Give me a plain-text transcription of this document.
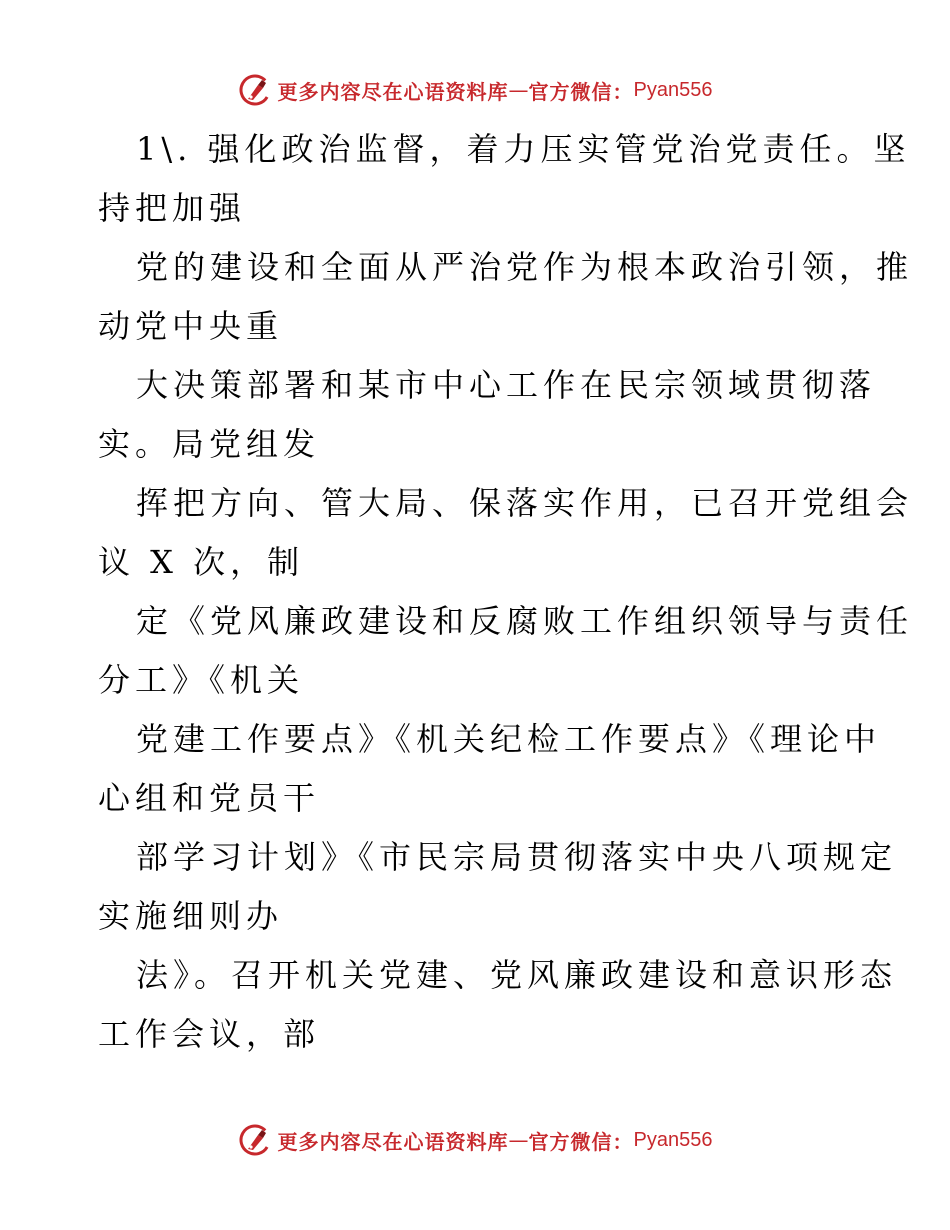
更多内容尽在心语资料库 — 官方微信： Pyan556
1\. 强化政治监督，着力压实管党治党责任。坚
持把加强
党的建设和全面从严治党作为根本政治引领，推
动党中央重
大决策部署和某市中心工作在民宗领域贯彻落
实。局党组发
挥把方向、管大局、保落实作用，已召开党组会
议 X 次，制
定《党风廉政建设和反腐败工作组织领导与责任
分工》《机关
党建工作要点》《机关纪检工作要点》《理论中
心组和党员干
部学习计划》《市民宗局贯彻落实中央八项规定
实施细则办
法》。召开机关党建、党风廉政建设和意识形态
工作会议，部
更多内容尽在心语资料库 — 官方微信： Pyan556
